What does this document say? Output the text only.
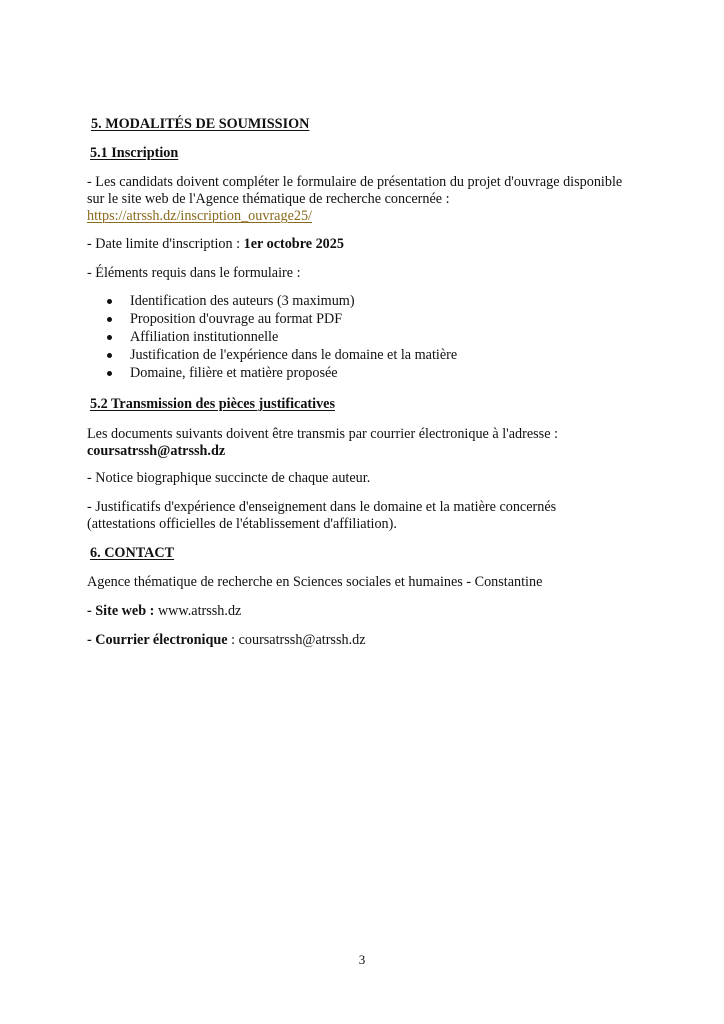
5. MODALITÉS DE SOUMISSION
5.1 Inscription
- Les candidats doivent compléter le formulaire de présentation du projet d'ouvrage disponible
sur le site web de l'Agence thématique de recherche concernée :
https://atrssh.dz/inscription_ouvrage25/
- Date limite d'inscription : 1er octobre 2025
- Éléments requis dans le formulaire :
Identification des auteurs (3 maximum)
Proposition d'ouvrage au format PDF
Affiliation institutionnelle
Justification de l'expérience dans le domaine et la matière
Domaine, filière et matière proposée
5.2 Transmission des pièces justificatives
Les documents suivants doivent être transmis par courrier électronique à l'adresse :
coursatrssh@atrssh.dz
- Notice biographique succincte de chaque auteur.
- Justificatifs d'expérience d'enseignement dans le domaine et la matière concernés
(attestations officielles de l'établissement d'affiliation).
6. CONTACT
Agence thématique de recherche en Sciences sociales et humaines - Constantine
- Site web : www.atrssh.dz
- Courrier électronique : coursatrssh@atrssh.dz
3
